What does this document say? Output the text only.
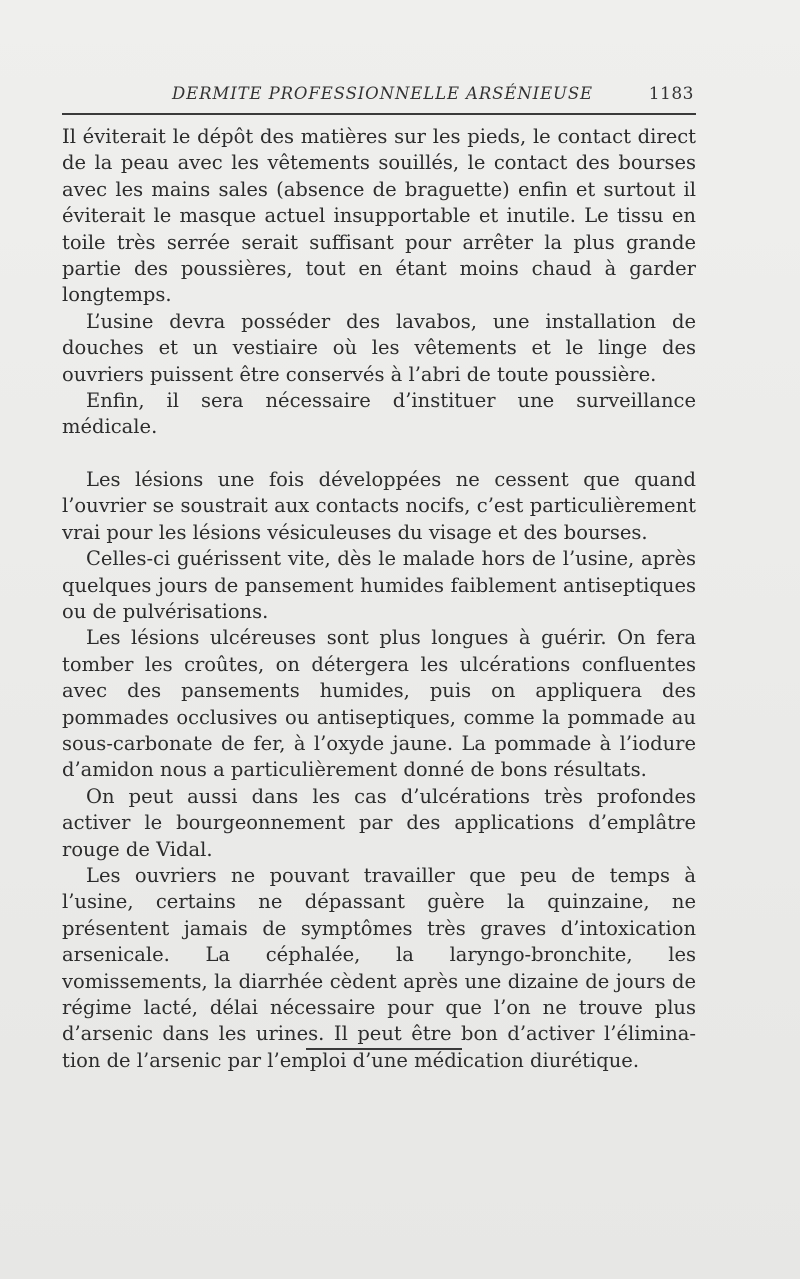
DERMITE PROFESSIONNELLE ARSÉNIEUSE	1183

Il éviterait le dépôt des matières sur les pieds, le contact direct de la peau avec les vêtements souillés, le contact des bourses avec les mains sales (absence de braguette) enfin et surtout il éviterait le masque actuel insupportable et inutile. Le tissu en toile très serrée serait suffisant pour arrêter la plus grande partie des poussières, tout en étant moins chaud à garder longtemps.

L’usine devra posséder des lavabos, une installation de douches et un vestiaire où les vêtements et le linge des ouvriers puissent être conservés à l’abri de toute poussière.

Enfin, il sera nécessaire d’instituer une surveillance médicale.

Les lésions une fois développées ne cessent que quand l’ouvrier se soustrait aux contacts nocifs, c’est particulièrement vrai pour les lésions vésiculeuses du visage et des bourses.

Celles-ci guérissent vite, dès le malade hors de l’usine, après quelques jours de pansement humides faiblement antiseptiques ou de pulvérisations.

Les lésions ulcéreuses sont plus longues à guérir. On fera tomber les croûtes, on détergera les ulcérations confluentes avec des pansements humides, puis on appliquera des pommades occlusives ou antiseptiques, comme la pommade au sous-carbonate de fer, à l’oxyde jaune. La pommade à l’iodure d’amidon nous a particulièrement donné de bons résultats.

On peut aussi dans les cas d’ulcérations très profondes activer le bourgeonnement par des applications d’emplâtre rouge de Vidal.

Les ouvriers ne pouvant travailler que peu de temps à l’usine, certains ne dépassant guère la quinzaine, ne présentent jamais de symptômes très graves d’intoxication arsenicale. La céphalée, la laryngo-bronchite, les vomissements, la diarrhée cèdent après une dizaine de jours de régime lacté, délai nécessaire pour que l’on ne trouve plus d’arsenic dans les urines. Il peut être bon d’activer l’élimination de l’arsenic par l’emploi d’une médication diurétique.
